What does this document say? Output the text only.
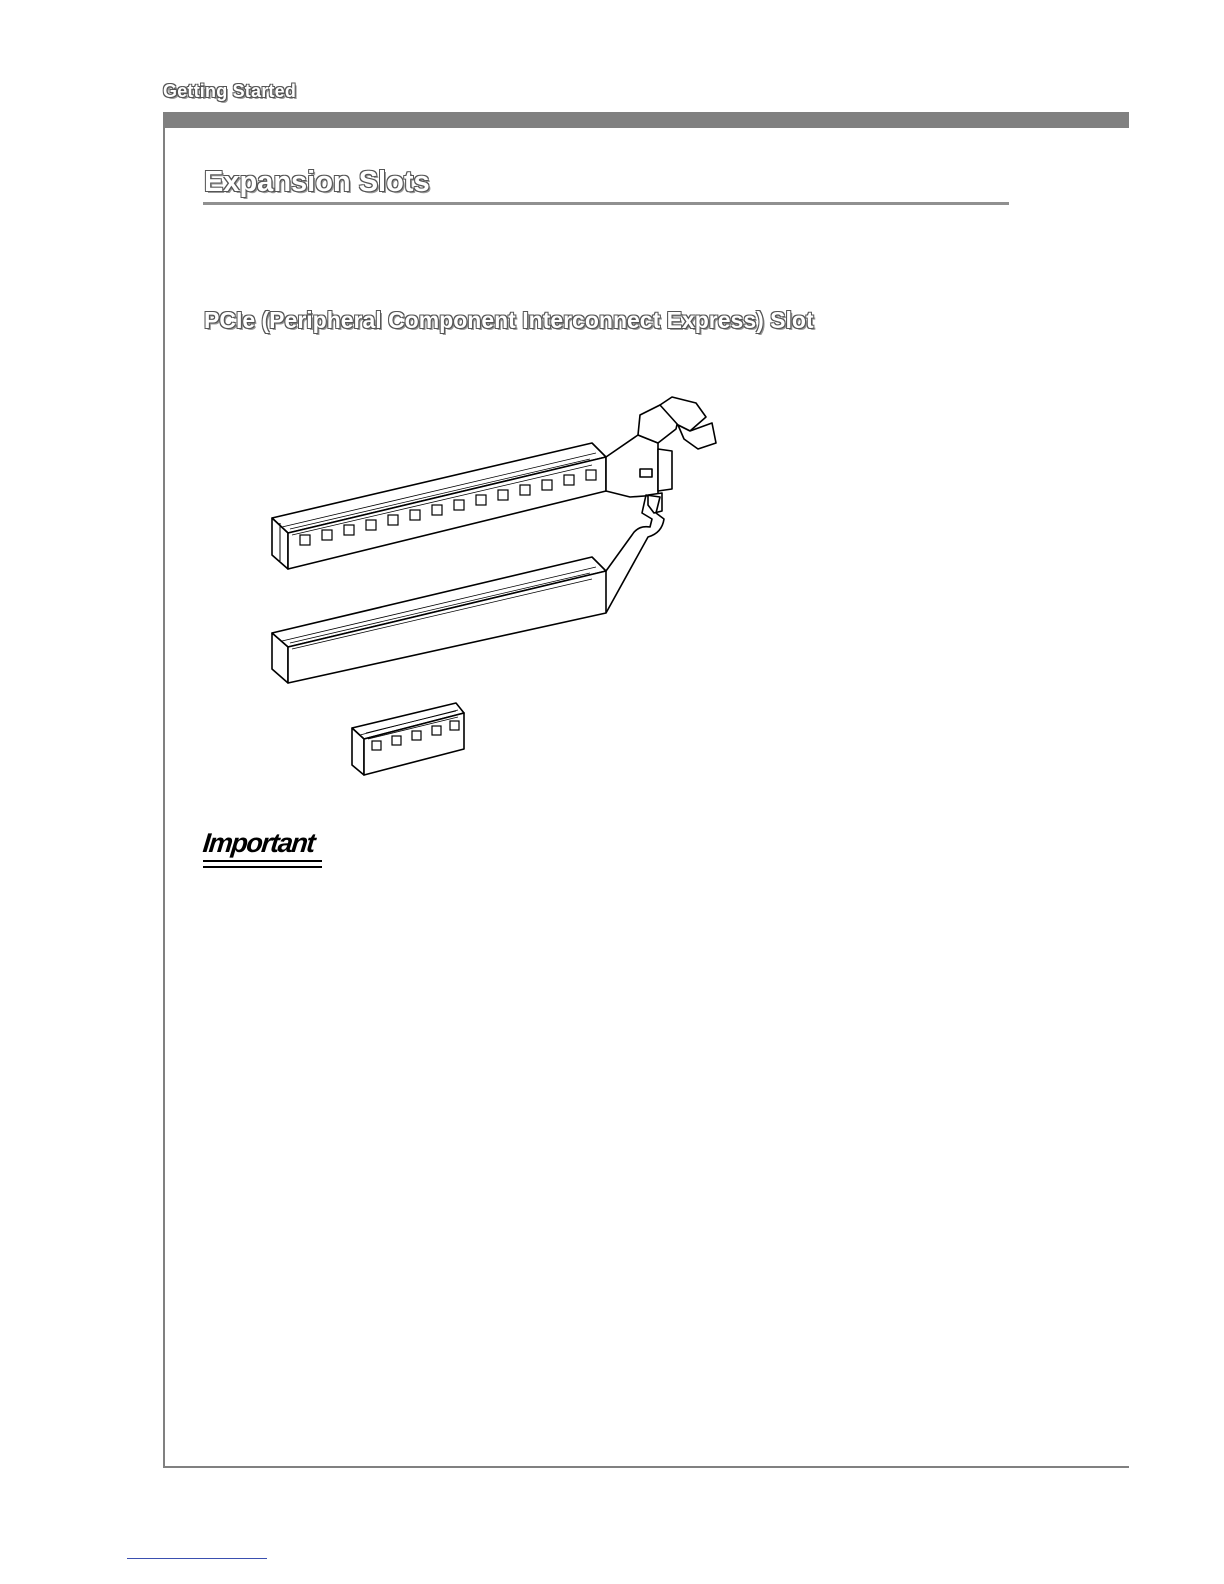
Getting Started
Expansion Slots
PCIe (Peripheral Component Interconnect Express) Slot
Important
